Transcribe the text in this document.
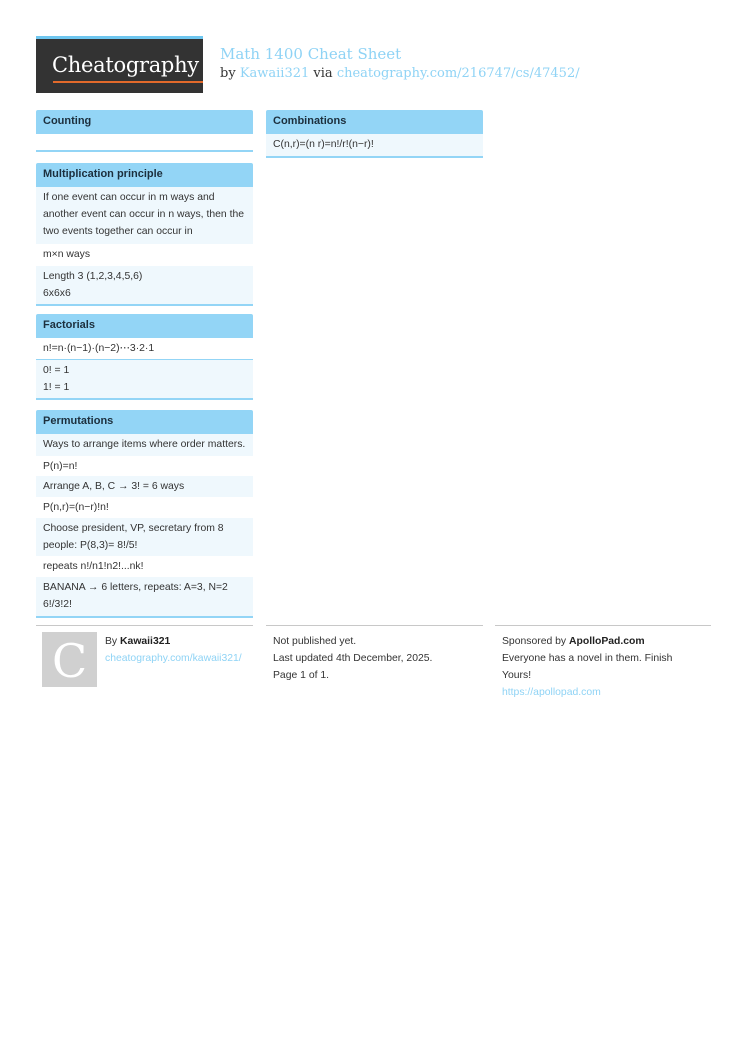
Cheatography Math 1400 Cheat Sheet
by Kawaii321 via cheatography.com/216747/cs/47452/
Counting
Multiplication principle
If one event can occur in m ways and another event can occur in n ways, then the two events together can occur in
m×n ways
Length 3 (1,2,3,4,5,6)
6x6x6
Factorials
n!=n·(n−1)·(n−2)⋯3·2·1
0! = 1
1! = 1
Permutations
Ways to arrange items where order matters.
P(n)=n!
Arrange A, B, C → 3! = 6 ways
P(n,r)=(n−r)!n!
Choose president, VP, secretary from 8 people: P(8,3)= 8!/5!
repeats n!/n1!n2!...nk!
BANANA → 6 letters, repeats: A=3, N=2
6!/3!2!
Combinations
C(n,r)=(n r)=n!/r!(n−r)!
C By Kawaii321
cheatography.com/kawaii321/
Not published yet.
Last updated 4th December, 2025.
Page 1 of 1.
Sponsored by ApolloPad.com
Everyone has a novel in them. Finish Yours!
https://apollopad.com
